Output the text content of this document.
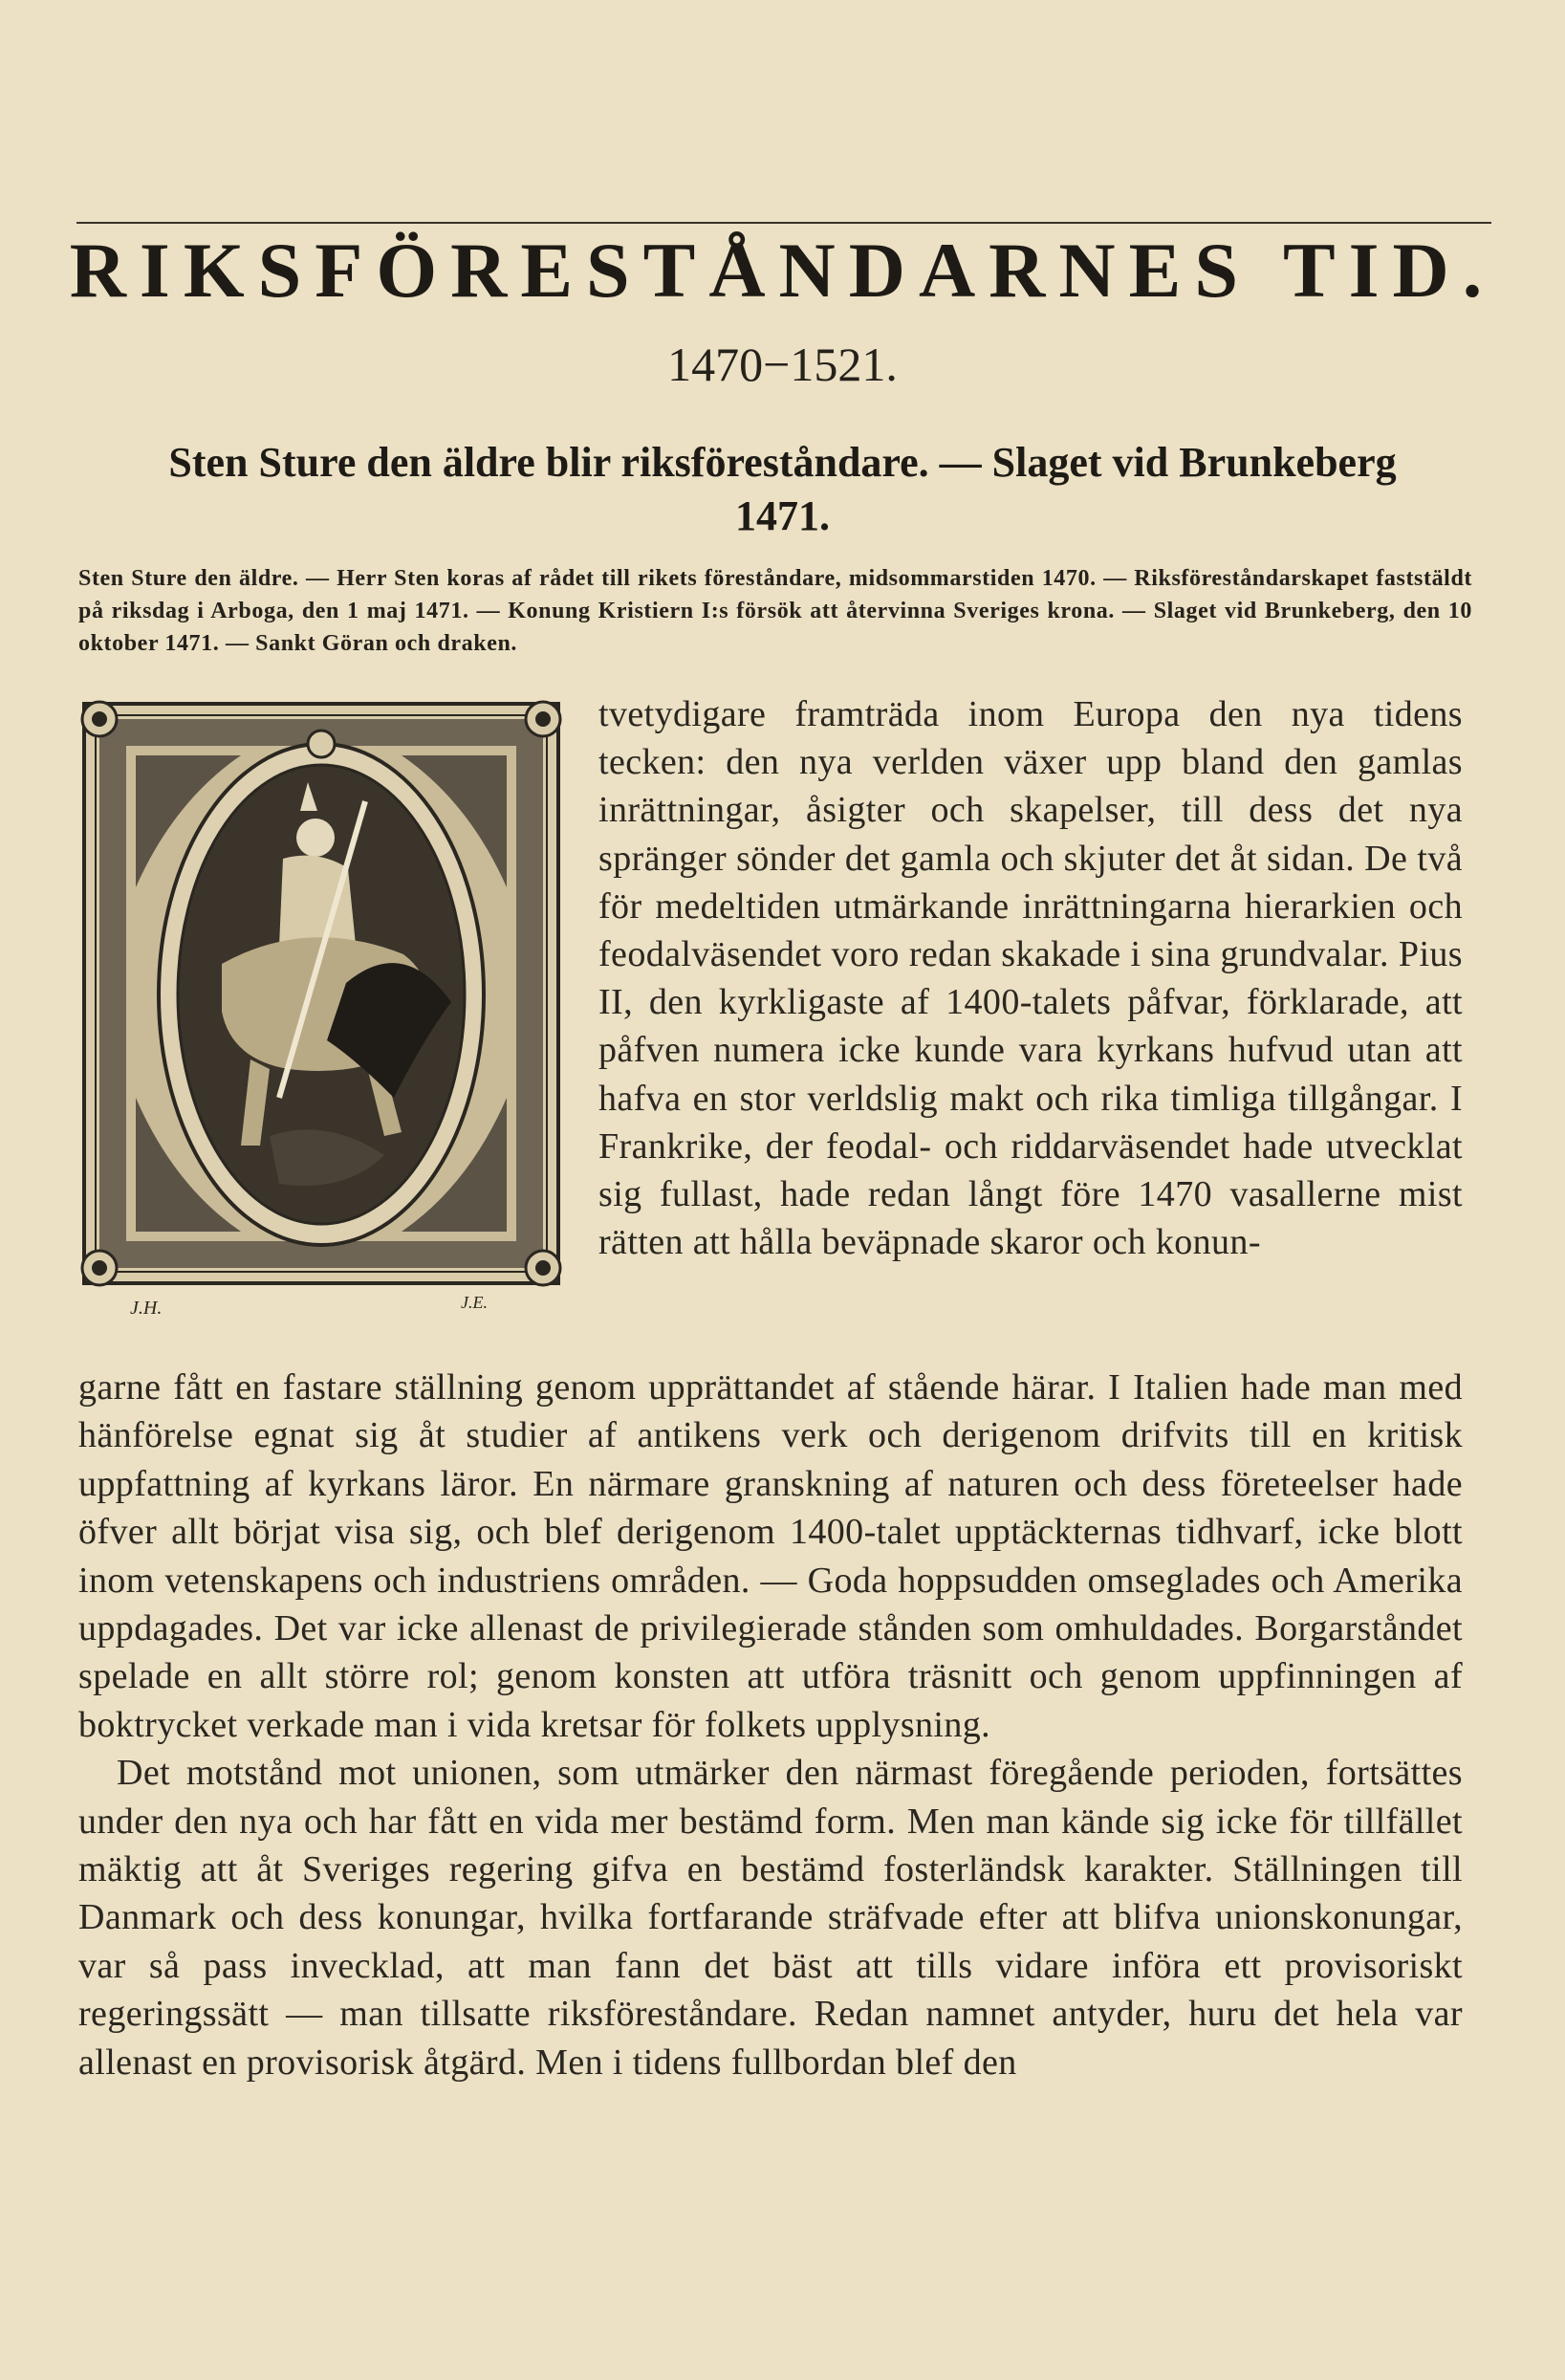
RIKSFÖRESTÅNDARNES TID.
1470−1521.
Sten Sture den äldre blir riksföreståndare. — Slaget vid Brunkeberg 1471.
Sten Sture den äldre. — Herr Sten koras af rådet till rikets föreståndare, midsommarstiden 1470. — Riksföreståndarskapet faststäldt på riksdag i Arboga, den 1 maj 1471. — Konung Kristiern I:s försök att återvinna Sveriges krona. — Slaget vid Brunkeberg, den 10 oktober 1471. — Sankt Göran och draken.
J.H.	J.E.

tvetydigare framträda inom Europa den nya tidens tecken: den nya verlden växer upp bland den gamlas inrättningar, åsigter och skapelser, till dess det nya spränger sönder det gamla och skjuter det åt sidan. De två för medeltiden utmärkande inrättningarna hierarkien och feodalväsendet voro redan skakade i sina grundvalar. Pius II, den kyrkligaste af 1400-talets påfvar, förklarade, att påfven numera icke kunde vara kyrkans hufvud utan att hafva en stor verldslig makt och rika timliga tillgångar. I Frankrike, der feodal- och riddarväsendet hade utvecklat sig fullast, hade redan långt före 1470 vasallerne mist rätten att hålla beväpnade skaror och konun-

garne fått en fastare ställning genom upprättandet af stående härar. I Italien hade man med hänförelse egnat sig åt studier af antikens verk och derigenom drifvits till en kritisk uppfattning af kyrkans läror. En närmare granskning af naturen och dess företeelser hade öfver allt börjat visa sig, och blef derigenom 1400-talet upptäckternas tidhvarf, icke blott inom vetenskapens och industriens områden. — Goda hoppsudden omseglades och Amerika uppdagades. Det var icke allenast de privilegierade stånden som omhuldades. Borgarståndet spelade en allt större rol; genom konsten att utföra träsnitt och genom uppfinningen af boktrycket verkade man i vida kretsar för folkets upplysning.

Det motstånd mot unionen, som utmärker den närmast föregående perioden, fortsättes under den nya och har fått en vida mer bestämd form. Men man kände sig icke för tillfället mäktig att åt Sveriges regering gifva en bestämd fosterländsk karakter. Ställningen till Danmark och dess konungar, hvilka fortfarande sträfvade efter att blifva unionskonungar, var så pass invecklad, att man fann det bäst att tills vidare införa ett provisoriskt regeringssätt — man tillsatte riksföreståndare. Redan namnet antyder, huru det hela var allenast en provisorisk åtgärd. Men i tidens fullbordan blef den
